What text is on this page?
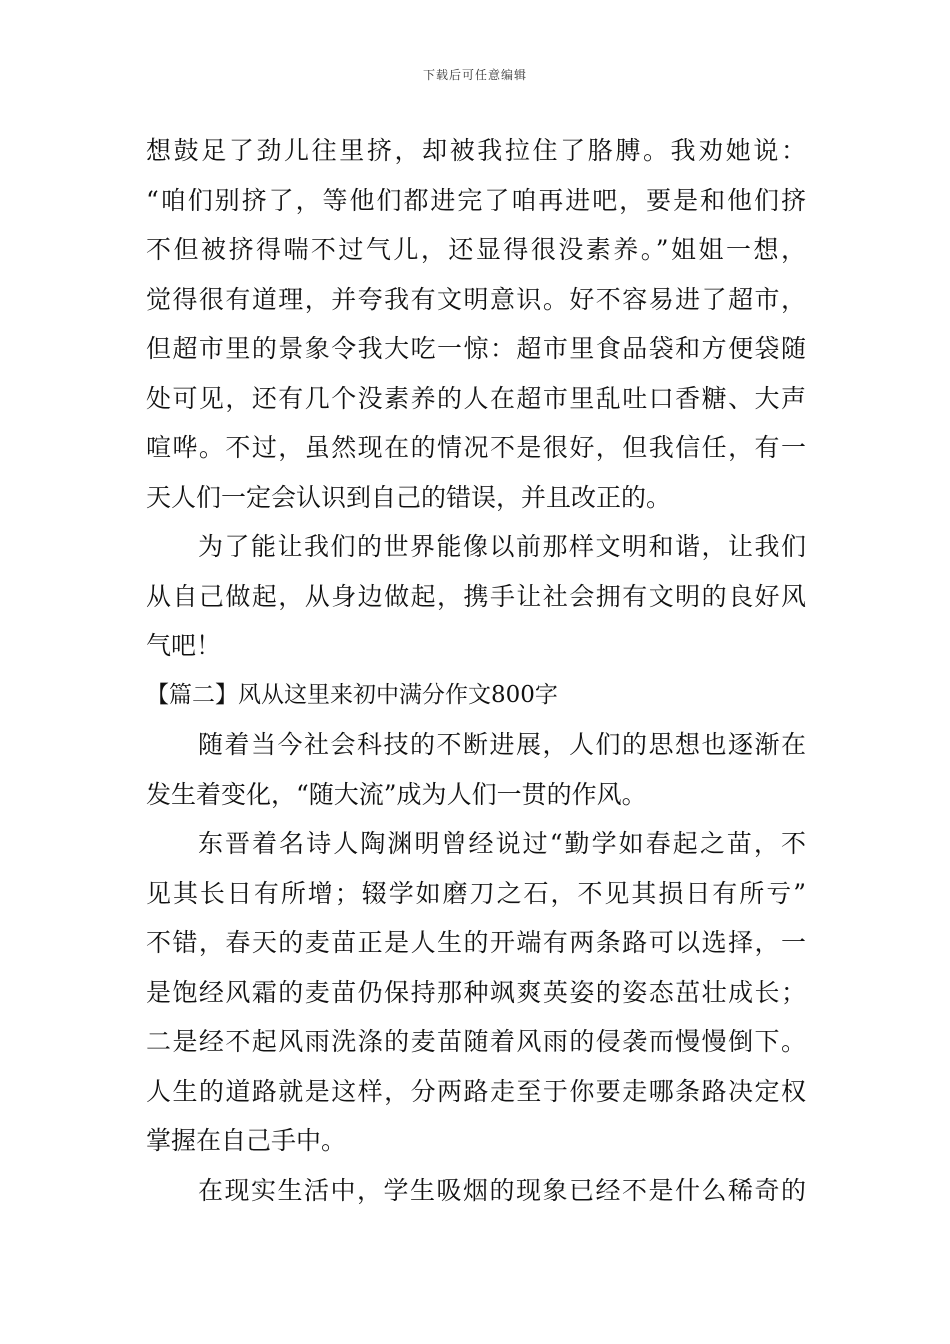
下载后可任意编辑
想鼓足了劲儿往里挤，却被我拉住了胳膊。我劝她说：
“咱们别挤了，等他们都进完了咱再进吧，要是和他们挤
不但被挤得喘不过气儿，还显得很没素养。”姐姐一想，
觉得很有道理，并夸我有文明意识。好不容易进了超市，
但超市里的景象令我大吃一惊：超市里食品袋和方便袋随
处可见，还有几个没素养的人在超市里乱吐口香糖、大声
喧哗。不过，虽然现在的情况不是很好，但我信任，有一
天人们一定会认识到自己的错误，并且改正的。
为了能让我们的世界能像以前那样文明和谐，让我们
从自己做起，从身边做起，携手让社会拥有文明的良好风
气吧！
【篇二】风从这里来初中满分作文800字
随着当今社会科技的不断进展，人们的思想也逐渐在
发生着变化，“随大流”成为人们一贯的作风。
东晋着名诗人陶渊明曾经说过“勤学如春起之苗，不
见其长日有所增；辍学如磨刀之石，不见其损日有所亏”
不错，春天的麦苗正是人生的开端有两条路可以选择，一
是饱经风霜的麦苗仍保持那种飒爽英姿的姿态茁壮成长；
二是经不起风雨洗涤的麦苗随着风雨的侵袭而慢慢倒下。
人生的道路就是这样，分两路走至于你要走哪条路决定权
掌握在自己手中。
在现实生活中，学生吸烟的现象已经不是什么稀奇的
